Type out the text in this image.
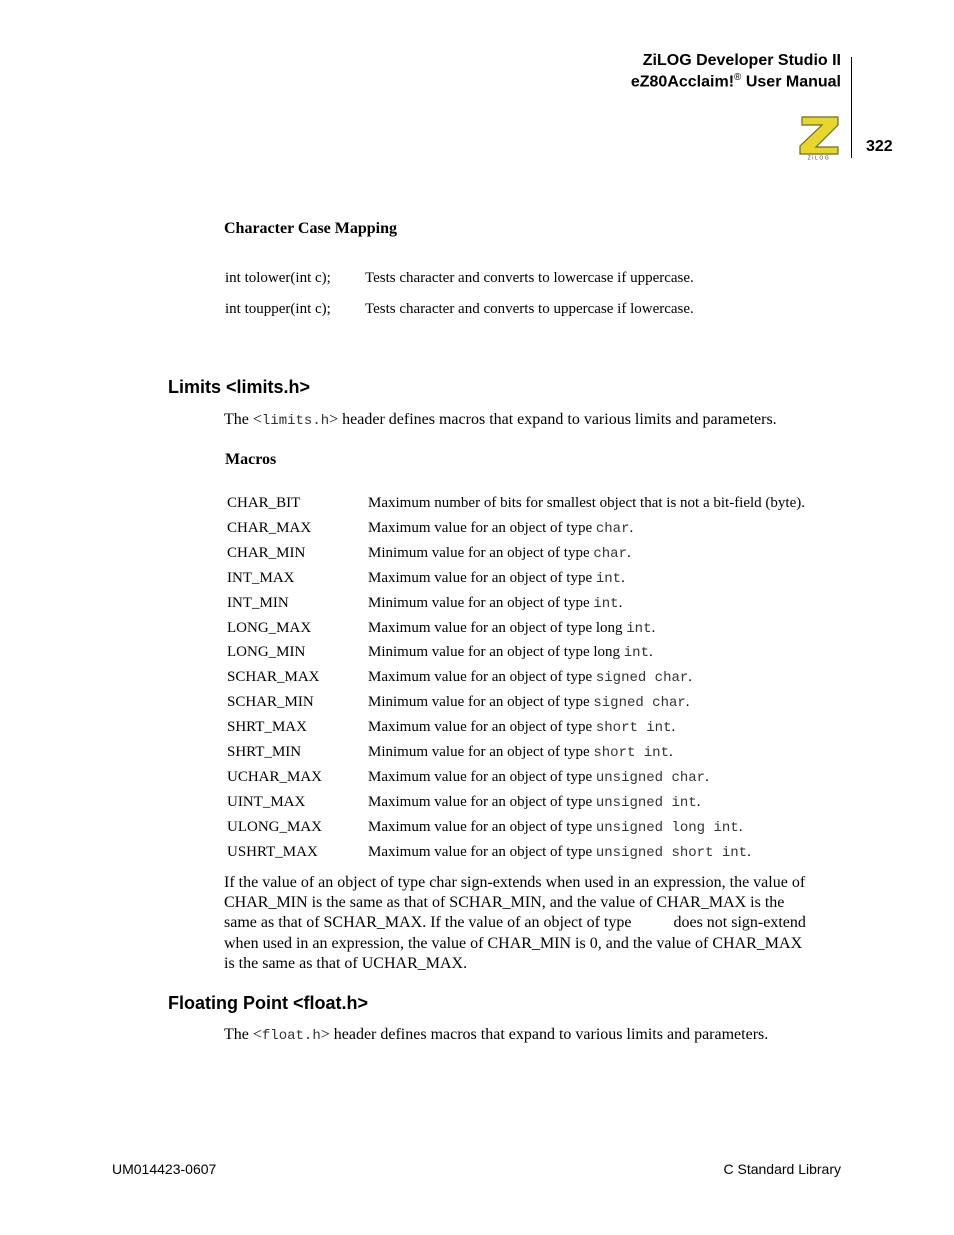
ZiLOG Developer Studio II
eZ80Acclaim!® User Manual
322
ZiLOG
Character Case Mapping
int tolower(int c); Tests character and converts to lowercase if uppercase.
int toupper(int c); Tests character and converts to uppercase if lowercase.
Limits <limits.h>
The <limits.h> header defines macros that expand to various limits and parameters.
Macros
CHAR_BIT	Maximum number of bits for smallest object that is not a bit-field (byte).
CHAR_MAX	Maximum value for an object of type char.
CHAR_MIN	Minimum value for an object of type char.
INT_MAX	Maximum value for an object of type int.
INT_MIN	Minimum value for an object of type int.
LONG_MAX	Maximum value for an object of type long int.
LONG_MIN	Minimum value for an object of type long int.
SCHAR_MAX	Maximum value for an object of type signed char.
SCHAR_MIN	Minimum value for an object of type signed char.
SHRT_MAX	Maximum value for an object of type short int.
SHRT_MIN	Minimum value for an object of type short int.
UCHAR_MAX	Maximum value for an object of type unsigned char.
UINT_MAX	Maximum value for an object of type unsigned int.
ULONG_MAX	Maximum value for an object of type unsigned long int.
USHRT_MAX	Maximum value for an object of type unsigned short int.
If the value of an object of type char sign-extends when used in an expression, the value of
CHAR_MIN is the same as that of SCHAR_MIN, and the value of CHAR_MAX is the
same as that of SCHAR_MAX. If the value of an object of type	does not sign-extend
when used in an expression, the value of CHAR_MIN is 0, and the value of CHAR_MAX
is the same as that of UCHAR_MAX.
Floating Point <float.h>
The <float.h> header defines macros that expand to various limits and parameters.
UM014423-0607	C Standard Library
